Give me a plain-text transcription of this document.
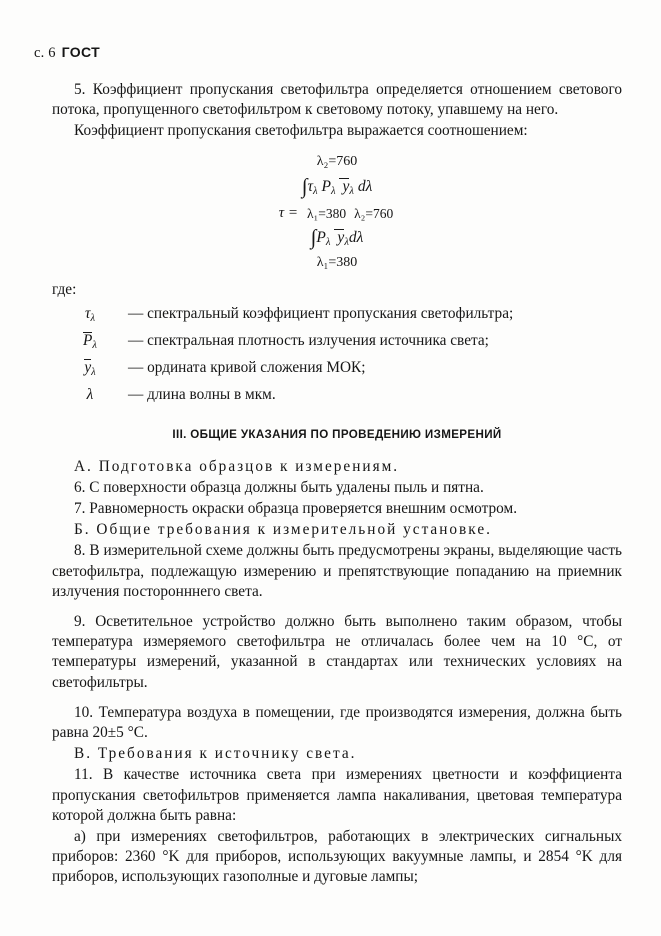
с. 6 ГОСТ

5. Коэффициент пропускания светофильтра определяется отношением светового потока, пропущенного светофильтром к световому потоку, упавшему на него.

Коэффициент пропускания светофильтра выражается соотношением:

λ₂=760
$\int\tau_\lambda$ $P_\lambda$  $y_\lambda$ dλ
τ = λ₁=380 λ₂=760
$\int P_\lambda$  $y_\lambda d\lambda$
λ₁=380
где:
$\tau_\lambda$	— спектральный коэффициент пропускания светофильтра;
$P_\lambda$	— спектральная плотность излучения источника света;
$y_\lambda$	— ордината кривой сложения МОК;
λ	— длина волны в мкм.
III. ОБЩИЕ УКАЗАНИЯ ПО ПРОВЕДЕНИЮ ИЗМЕРЕНИЙ

А. Подготовка образцов к измерениям.

6. С поверхности образца должны быть удалены пыль и пятна.

7. Равномерность окраски образца проверяется внешним осмотром.

Б. Общие требования к измерительной установке.

8. В измерительной схеме должны быть предусмотрены экраны, выделяющие часть светофильтра, подлежащую измерению и препятствующие попаданию на приемник излучения посторонннего света.

9. Осветительное устройство должно быть выполнено таким образом, чтобы температура измеряемого светофильтра не отличалась более чем на 10 °C, от температуры измерений, указанной в стандартах или технических условиях на светофильтры.

10. Температура воздуха в помещении, где производятся измерения, должна быть равна 20±5 °C.

В. Требования к источнику света.

11. В качестве источника света при измерениях цветности и коэффициента пропускания светофильтров применяется лампа накаливания, цветовая температура которой должна быть равна:

а) при измерениях светофильтров, работающих в электрических сигнальных приборов: 2360 °K для приборов, использующих вакуумные лампы, и 2854 °K для приборов, использующих газополные и дуговые лампы;
